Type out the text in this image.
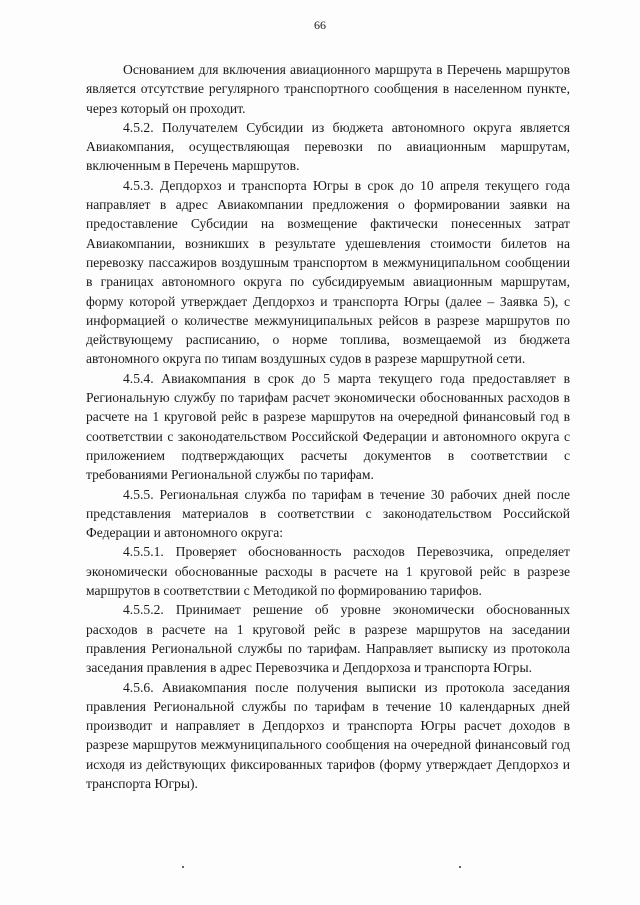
66

Основанием для включения авиационного маршрута в Перечень маршрутов является отсутствие регулярного транспортного сообщения в населенном пункте, через который он проходит.

4.5.2. Получателем Субсидии из бюджета автономного округа является Авиакомпания, осуществляющая перевозки по авиационным маршрутам, включенным в Перечень маршрутов.

4.5.3. Депдорхоз и транспорта Югры в срок до 10 апреля текущего года направляет в адрес Авиакомпании предложения о формировании заявки на предоставление Субсидии на возмещение фактически понесенных затрат Авиакомпании, возникших в результате удешевления стоимости билетов на перевозку пассажиров воздушным транспортом в межмуниципальном сообщении в границах автономного округа по субсидируемым авиационным маршрутам, форму которой утверждает Депдорхоз и транспорта Югры (далее – Заявка 5), с информацией о количестве межмуниципальных рейсов в разрезе маршрутов по действующему расписанию, о норме топлива, возмещаемой из бюджета автономного округа по типам воздушных судов в разрезе маршрутной сети.

4.5.4. Авиакомпания в срок до 5 марта текущего года предоставляет в Региональную службу по тарифам расчет экономически обоснованных расходов в расчете на 1 круговой рейс в разрезе маршрутов на очередной финансовый год в соответствии с законодательством Российской Федерации и автономного округа с приложением подтверждающих расчеты документов в соответствии с требованиями Региональной службы по тарифам.

4.5.5. Региональная служба по тарифам в течение 30 рабочих дней после представления материалов в соответствии с законодательством Российской Федерации и автономного округа:

4.5.5.1. Проверяет обоснованность расходов Перевозчика, определяет экономически обоснованные расходы в расчете на 1 круговой рейс в разрезе маршрутов в соответствии с Методикой по формированию тарифов.

4.5.5.2. Принимает решение об уровне экономически обоснованных расходов в расчете на 1 круговой рейс в разрезе маршрутов на заседании правления Региональной службы по тарифам. Направляет выписку из протокола заседания правления в адрес Перевозчика и Депдорхоза и транспорта Югры.

4.5.6. Авиакомпания после получения выписки из протокола заседания правления Региональной службы по тарифам в течение 10 календарных дней производит и направляет в Депдорхоз и транспорта Югры расчет доходов в разрезе маршрутов межмуниципального сообщения на очередной финансовый год исходя из действующих фиксированных тарифов (форму утверждает Депдорхоз и транспорта Югры).
